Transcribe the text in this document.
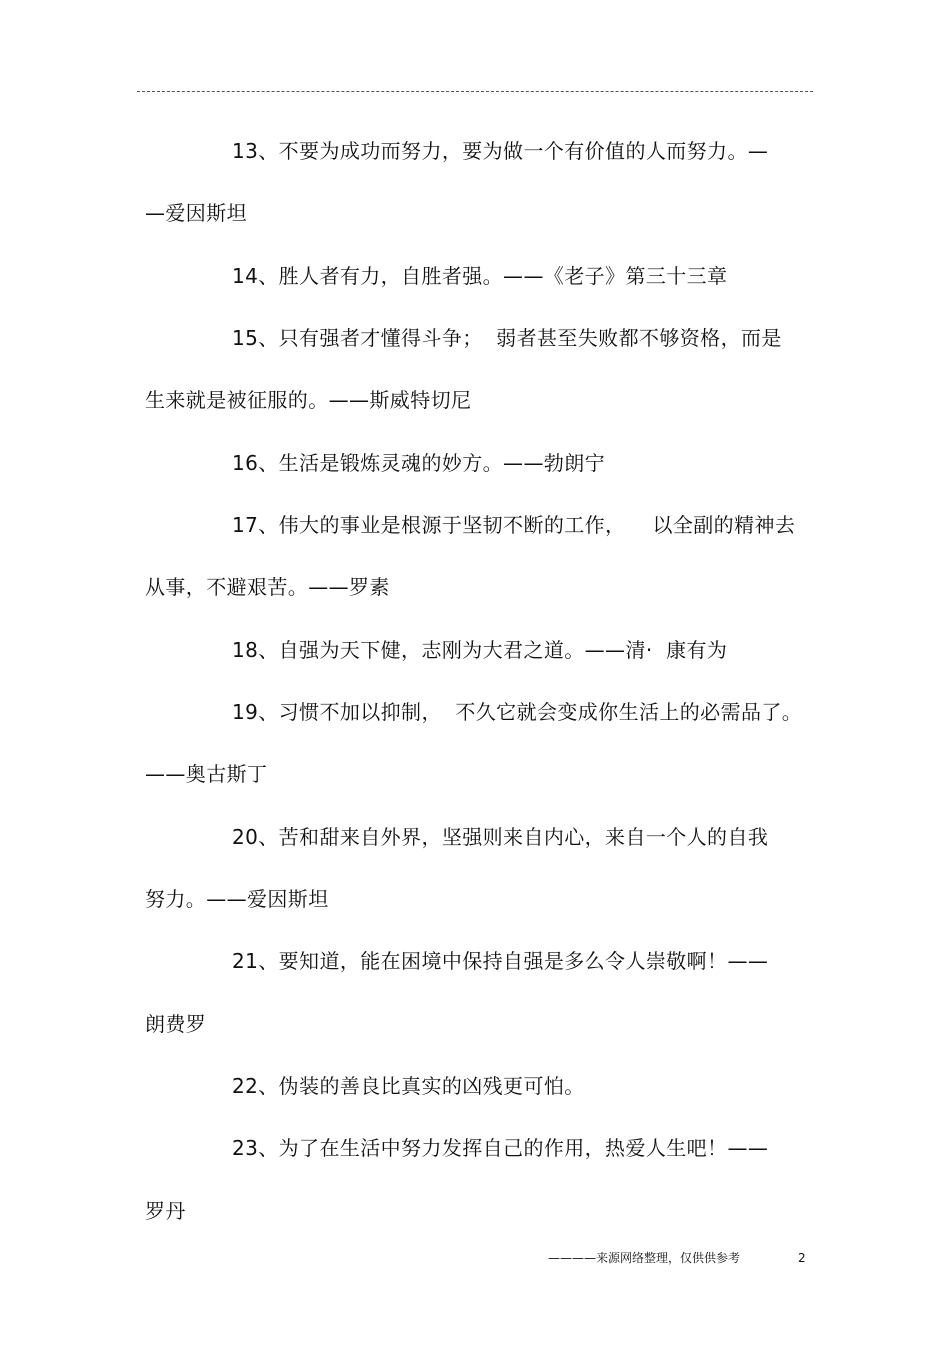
13、不要为成功而努力，要为做一个有价值的人而努力。—
—爱因斯坦
14、胜人者有力，自胜者强。——《老子》第三十三章
15、只有强者才懂得斗争；  弱者甚至失败都不够资格，而是
生来就是被征服的。——斯威特切尼
16、生活是锻炼灵魂的妙方。——勃朗宁
17、伟大的事业是根源于坚韧不断的工作，    以全副的精神去
从事，不避艰苦。——罗素
18、自强为天下健，志刚为大君之道。——清·  康有为
19、习惯不加以抑制，  不久它就会变成你生活上的必需品了。
——奥古斯丁
20、苦和甜来自外界，坚强则来自内心，来自一个人的自我
努力。——爱因斯坦
21、要知道，能在困境中保持自强是多么令人崇敬啊！——
朗费罗
22、伪装的善良比真实的凶残更可怕。
23、为了在生活中努力发挥自己的作用，热爱人生吧！——
罗丹
————来源网络整理，仅供供参考	2
